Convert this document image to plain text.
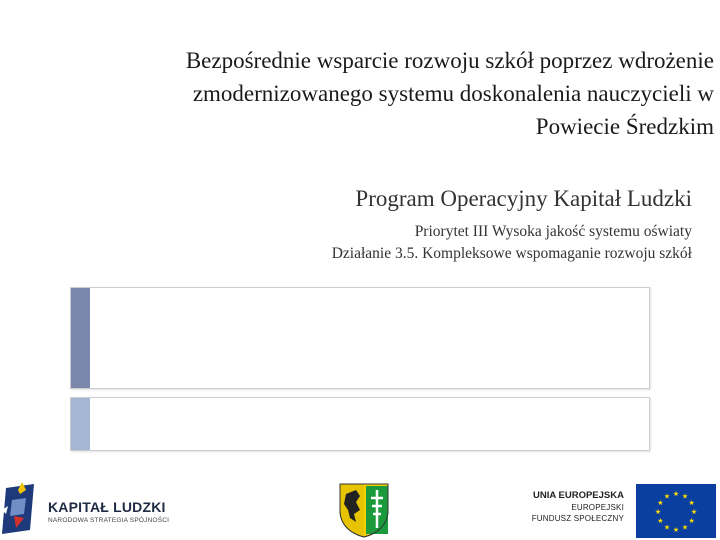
Bezpośrednie wsparcie rozwoju szkół poprzez wdrożenie
zmodernizowanego systemu doskonalenia nauczycieli w
Powiecie Średzkim
Program Operacyjny Kapitał Ludzki
Priorytet III Wysoka jakość systemu oświaty
Działanie 3.5. Kompleksowe wspomaganie rozwoju szkół
KAPITAŁ LUDZKI
NARODOWA STRATEGIA SPÓJNOŚCI
UNIA EUROPEJSKA
EUROPEJSKI
FUNDUSZ SPOŁECZNY
★ ★
★
★
★
★
★
★
★
★
★
★
